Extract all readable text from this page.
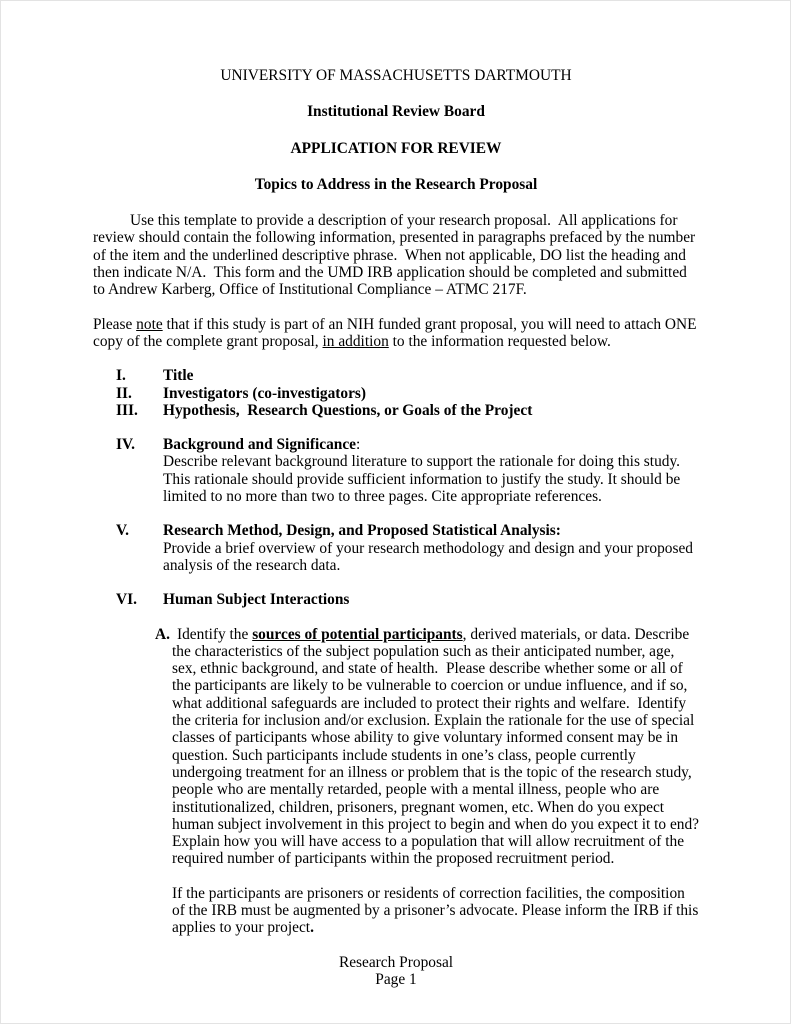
UNIVERSITY OF MASSACHUSETTS DARTMOUTH
Institutional Review Board
APPLICATION FOR REVIEW
Topics to Address in the Research Proposal

Use this template to provide a description of your research proposal.  All applications for review should contain the following information, presented in paragraphs prefaced by the number of the item and the underlined descriptive phrase.  When not applicable, DO list the heading and then indicate N/A.  This form and the UMD IRB application should be completed and submitted to Andrew Karberg, Office of Institutional Compliance – ATMC 217F.

Please note that if this study is part of an NIH funded grant proposal, you will need to attach ONE copy of the complete grant proposal, in addition to the information requested below.

I.	Title
II.	Investigators (co-investigators)
III.	Hypothesis,  Research Questions, or Goals of the Project
IV.	Background and Significance:
Describe relevant background literature to support the rationale for doing this study. This rationale should provide sufficient information to justify the study. It should be limited to no more than two to three pages. Cite appropriate references.
V.	Research Method, Design, and Proposed Statistical Analysis:
Provide a brief overview of your research methodology and design and your proposed analysis of the research data.
VI.	Human Subject Interactions

A. Identify the sources of potential participants, derived materials, or data. Describe the characteristics of the subject population such as their anticipated number, age, sex, ethnic background, and state of health.  Please describe whether some or all of the participants are likely to be vulnerable to coercion or undue influence, and if so, what additional safeguards are included to protect their rights and welfare.  Identify the criteria for inclusion and/or exclusion. Explain the rationale for the use of special classes of participants whose ability to give voluntary informed consent may be in question. Such participants include students in one’s class, people currently undergoing treatment for an illness or problem that is the topic of the research study, people who are mentally retarded, people with a mental illness, people who are institutionalized, children, prisoners, pregnant women, etc. When do you expect human subject involvement in this project to begin and when do you expect it to end?  Explain how you will have access to a population that will allow recruitment of the required number of participants within the proposed recruitment period.

If the participants are prisoners or residents of correction facilities, the composition of the IRB must be augmented by a prisoner’s advocate. Please inform the IRB if this applies to your project.

Research Proposal
Page 1
